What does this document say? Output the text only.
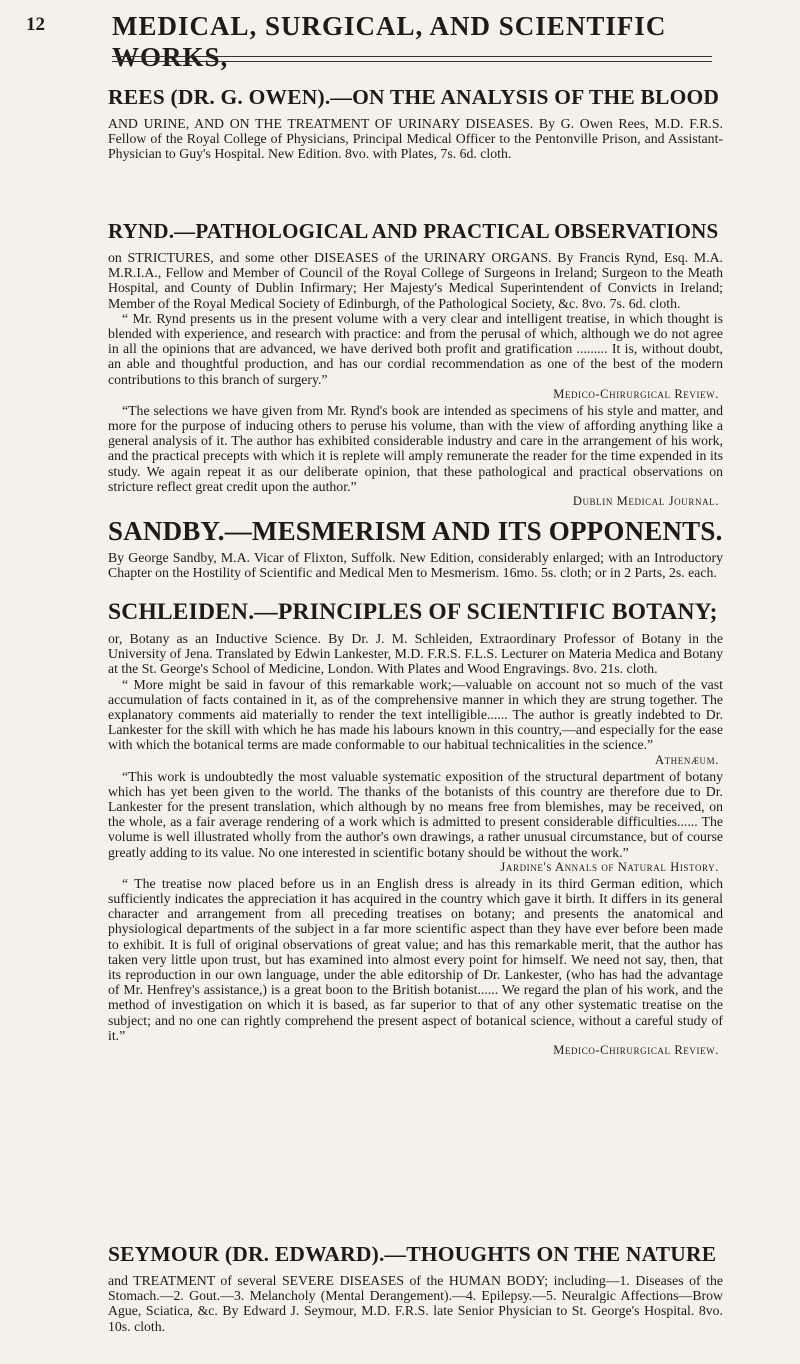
12 MEDICAL, SURGICAL, AND SCIENTIFIC WORKS,
REES (DR. G. OWEN).—ON THE ANALYSIS OF THE BLOOD

AND URINE, AND ON THE TREATMENT OF URINARY DISEASES. By G. Owen Rees, M.D. F.R.S. Fellow of the Royal College of Physicians, Principal Medical Officer to the Pentonville Prison, and Assistant-Physician to Guy's Hospital. New Edition. 8vo. with Plates, 7s. 6d. cloth.

RYND.—PATHOLOGICAL AND PRACTICAL OBSERVATIONS

on STRICTURES, and some other DISEASES of the URINARY ORGANS. By Francis Rynd, Esq. M.A. M.R.I.A., Fellow and Member of Council of the Royal College of Surgeons in Ireland; Surgeon to the Meath Hospital, and County of Dublin Infirmary; Her Majesty's Medical Superintendent of Convicts in Ireland; Member of the Royal Medical Society of Edinburgh, of the Pathological Society, &c. 8vo. 7s. 6d. cloth.

“ Mr. Rynd presents us in the present volume with a very clear and intelligent treatise, in which thought is blended with experience, and research with practice: and from the perusal of which, although we do not agree in all the opinions that are advanced, we have derived both profit and gratification ......... It is, without doubt, an able and thoughtful production, and has our cordial recommendation as one of the best of the modern contributions to this branch of surgery.”

Medico-Chirurgical Review.

“The selections we have given from Mr. Rynd's book are intended as specimens of his style and matter, and more for the purpose of inducing others to peruse his volume, than with the view of affording anything like a general analysis of it. The author has exhibited considerable industry and care in the arrangement of his work, and the practical precepts with which it is replete will amply remunerate the reader for the time expended in its study. We again repeat it as our deliberate opinion, that these pathological and practical observations on stricture reflect great credit upon the author.”

Dublin Medical Journal.

SANDBY.—MESMERISM AND ITS OPPONENTS.

By George Sandby, M.A. Vicar of Flixton, Suffolk. New Edition, considerably enlarged; with an Introductory Chapter on the Hostility of Scientific and Medical Men to Mesmerism. 16mo. 5s. cloth; or in 2 Parts, 2s. each.

SCHLEIDEN.—PRINCIPLES OF SCIENTIFIC BOTANY;

or, Botany as an Inductive Science. By Dr. J. M. Schleiden, Extraordinary Professor of Botany in the University of Jena. Translated by Edwin Lankester, M.D. F.R.S. F.L.S. Lecturer on Materia Medica and Botany at the St. George's School of Medicine, London. With Plates and Wood Engravings. 8vo. 21s. cloth.

“ More might be said in favour of this remarkable work;—valuable on account not so much of the vast accumulation of facts contained in it, as of the comprehensive manner in which they are strung together. The explanatory comments aid materially to render the text intelligible...... The author is greatly indebted to Dr. Lankester for the skill with which he has made his labours known in this country,—and especially for the ease with which the botanical terms are made conformable to our habitual technicalities in the science.”

Athenæum.

“This work is undoubtedly the most valuable systematic exposition of the structural department of botany which has yet been given to the world. The thanks of the botanists of this country are therefore due to Dr. Lankester for the present translation, which although by no means free from blemishes, may be received, on the whole, as a fair average rendering of a work which is admitted to present considerable difficulties...... The volume is well illustrated wholly from the author's own drawings, a rather unusual circumstance, but of course greatly adding to its value. No one interested in scientific botany should be without the work.”

Jardine's Annals of Natural History.

“ The treatise now placed before us in an English dress is already in its third German edition, which sufficiently indicates the appreciation it has acquired in the country which gave it birth. It differs in its general character and arrangement from all preceding treatises on botany; and presents the anatomical and physiological departments of the subject in a far more scientific aspect than they have ever before been made to exhibit. It is full of original observations of great value; and has this remarkable merit, that the author has taken very little upon trust, but has examined into almost every point for himself. We need not say, then, that its reproduction in our own language, under the able editorship of Dr. Lankester, (who has had the advantage of Mr. Henfrey's assistance,) is a great boon to the British botanist...... We regard the plan of his work, and the method of investigation on which it is based, as far superior to that of any other systematic treatise on the subject; and no one can rightly comprehend the present aspect of botanical science, without a careful study of it.”

Medico-Chirurgical Review.

SEYMOUR (DR. EDWARD).—THOUGHTS ON THE NATURE

and TREATMENT of several SEVERE DISEASES of the HUMAN BODY; including—1. Diseases of the Stomach.—2. Gout.—3. Melancholy (Mental Derangement).—4. Epilepsy.—5. Neuralgic Affections—Brow Ague, Sciatica, &c. By Edward J. Seymour, M.D. F.R.S. late Senior Physician to St. George's Hospital. 8vo. 10s. cloth.
